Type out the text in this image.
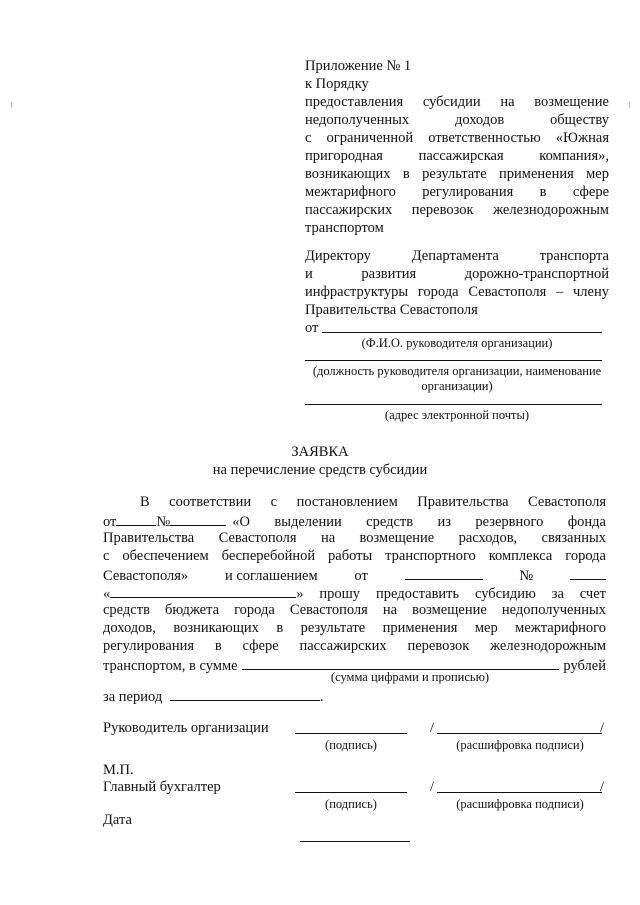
Приложение № 1
к Порядку
предоставления субсидии на возмещение
недополученных доходов обществу
с ограниченной ответственностью «Южная
пригородная пассажирская компания»,
возникающих в результате применения мер
межтарифного регулирования в сфере
пассажирских перевозок железнодорожным
транспортом
Директору Департамента транспорта
и развития дорожно-транспортной
инфраструктуры города Севастополя – члену
Правительства Севастополя
от
(Ф.И.О. руководителя организации)
(должность руководителя организации, наименование
организации)
(адрес электронной почты)
ЗАЯВКА
на перечисление средств субсидии
В соответствии с постановлением Правительства Севастополя
от	№	«О выделении средств из резервного фонда
Правительства Севастополя на возмещение расходов, связанных
с обеспечением бесперебойной работы транспортного комплекса города
Севастополя»	и соглашением	от	№
«	» прошу предоставить субсидию за счет
средств бюджета города Севастополя на возмещение недополученных
доходов, возникающих в результате применения мер межтарифного
регулирования в сфере пассажирских перевозок железнодорожным
транспортом, в сумме	рублей
(сумма цифрами и прописью)
за период	.
Руководитель организации	/	/
(подпись)	(расшифровка подписи)
М.П.
Главный бухгалтер	/	/
(подпись)	(расшифровка подписи)
Дата
